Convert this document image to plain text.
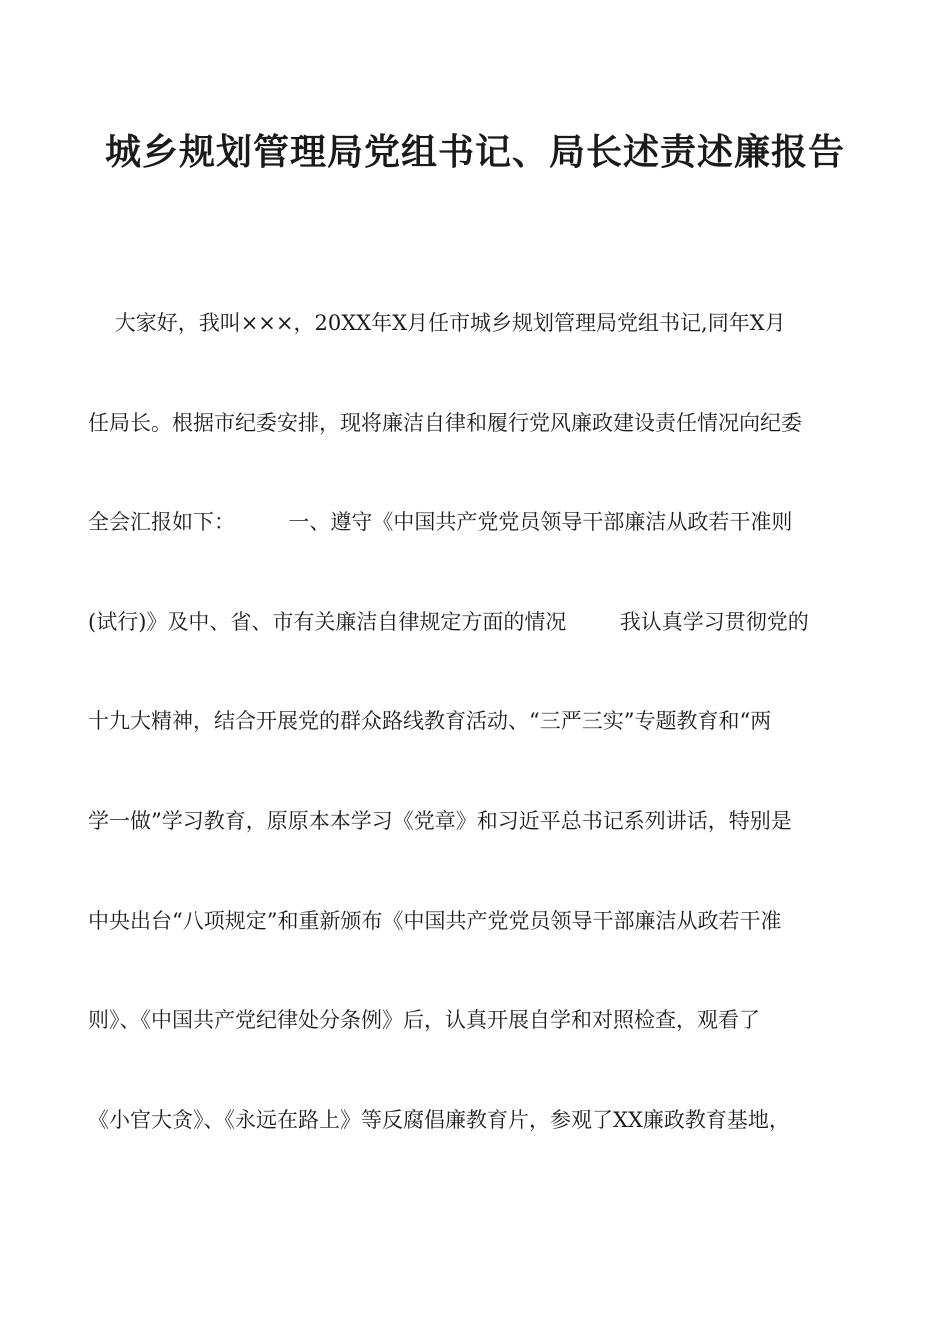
城乡规划管理局党组书记、局长述责述廉报告
大家好，我叫×××，20XX年X月任市城乡规划管理局党组书记,同年X月
任局长。根据市纪委安排，现将廉洁自律和履行党风廉政建设责任情况向纪委
全会汇报如下：        一、遵守《中国共产党党员领导干部廉洁从政若干准则
(试行)》及中、省、市有关廉洁自律规定方面的情况        我认真学习贯彻党的
十九大精神，结合开展党的群众路线教育活动、“三严三实”专题教育和“两
学一做”学习教育，原原本本学习《党章》和习近平总书记系列讲话，特别是
中央出台“八项规定”和重新颁布《中国共产党党员领导干部廉洁从政若干准
则》、《中国共产党纪律处分条例》后，认真开展自学和对照检查，观看了
《小官大贪》、《永远在路上》等反腐倡廉教育片，参观了XX廉政教育基地，
